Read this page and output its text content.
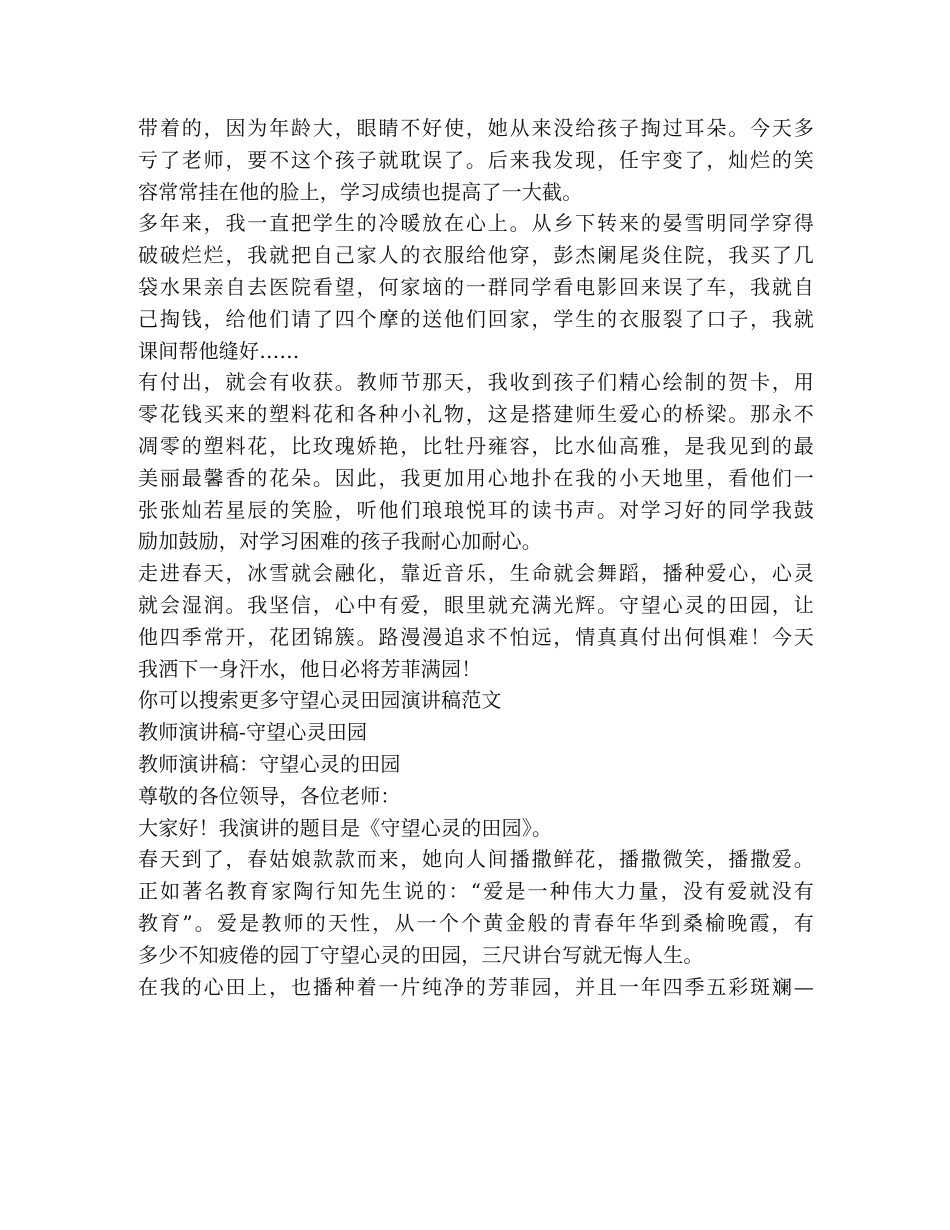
带着的，因为年龄大，眼睛不好使，她从来没给孩子掏过耳朵。今天多
亏了老师，要不这个孩子就耽误了。后来我发现，任宇变了，灿烂的笑
容常常挂在他的脸上，学习成绩也提高了一大截。
多年来，我一直把学生的冷暖放在心上。从乡下转来的晏雪明同学穿得
破破烂烂，我就把自己家人的衣服给他穿，彭杰阑尾炎住院，我买了几
袋水果亲自去医院看望，何家垴的一群同学看电影回来误了车，我就自
己掏钱，给他们请了四个摩的送他们回家，学生的衣服裂了口子，我就
课间帮他缝好……
有付出，就会有收获。教师节那天，我收到孩子们精心绘制的贺卡，用
零花钱买来的塑料花和各种小礼物，这是搭建师生爱心的桥梁。那永不
凋零的塑料花，比玫瑰娇艳，比牡丹雍容，比水仙高雅，是我见到的最
美丽最馨香的花朵。因此，我更加用心地扑在我的小天地里，看他们一
张张灿若星辰的笑脸，听他们琅琅悦耳的读书声。对学习好的同学我鼓
励加鼓励，对学习困难的孩子我耐心加耐心。
走进春天，冰雪就会融化，靠近音乐，生命就会舞蹈，播种爱心，心灵
就会湿润。我坚信，心中有爱，眼里就充满光辉。守望心灵的田园，让
他四季常开，花团锦簇。路漫漫追求不怕远，情真真付出何惧难！今天
我洒下一身汗水，他日必将芳菲满园！
你可以搜索更多守望心灵田园演讲稿范文
教师演讲稿-守望心灵田园
教师演讲稿：守望心灵的田园
尊敬的各位领导，各位老师：
大家好！我演讲的题目是《守望心灵的田园》。
春天到了，春姑娘款款而来，她向人间播撒鲜花，播撒微笑，播撒爱。
正如著名教育家陶行知先生说的：“爱是一种伟大力量，没有爱就没有
教育”。爱是教师的天性，从一个个黄金般的青春年华到桑榆晚霞，有
多少不知疲倦的园丁守望心灵的田园，三尺讲台写就无悔人生。
在我的心田上，也播种着一片纯净的芳菲园，并且一年四季五彩斑斓—
